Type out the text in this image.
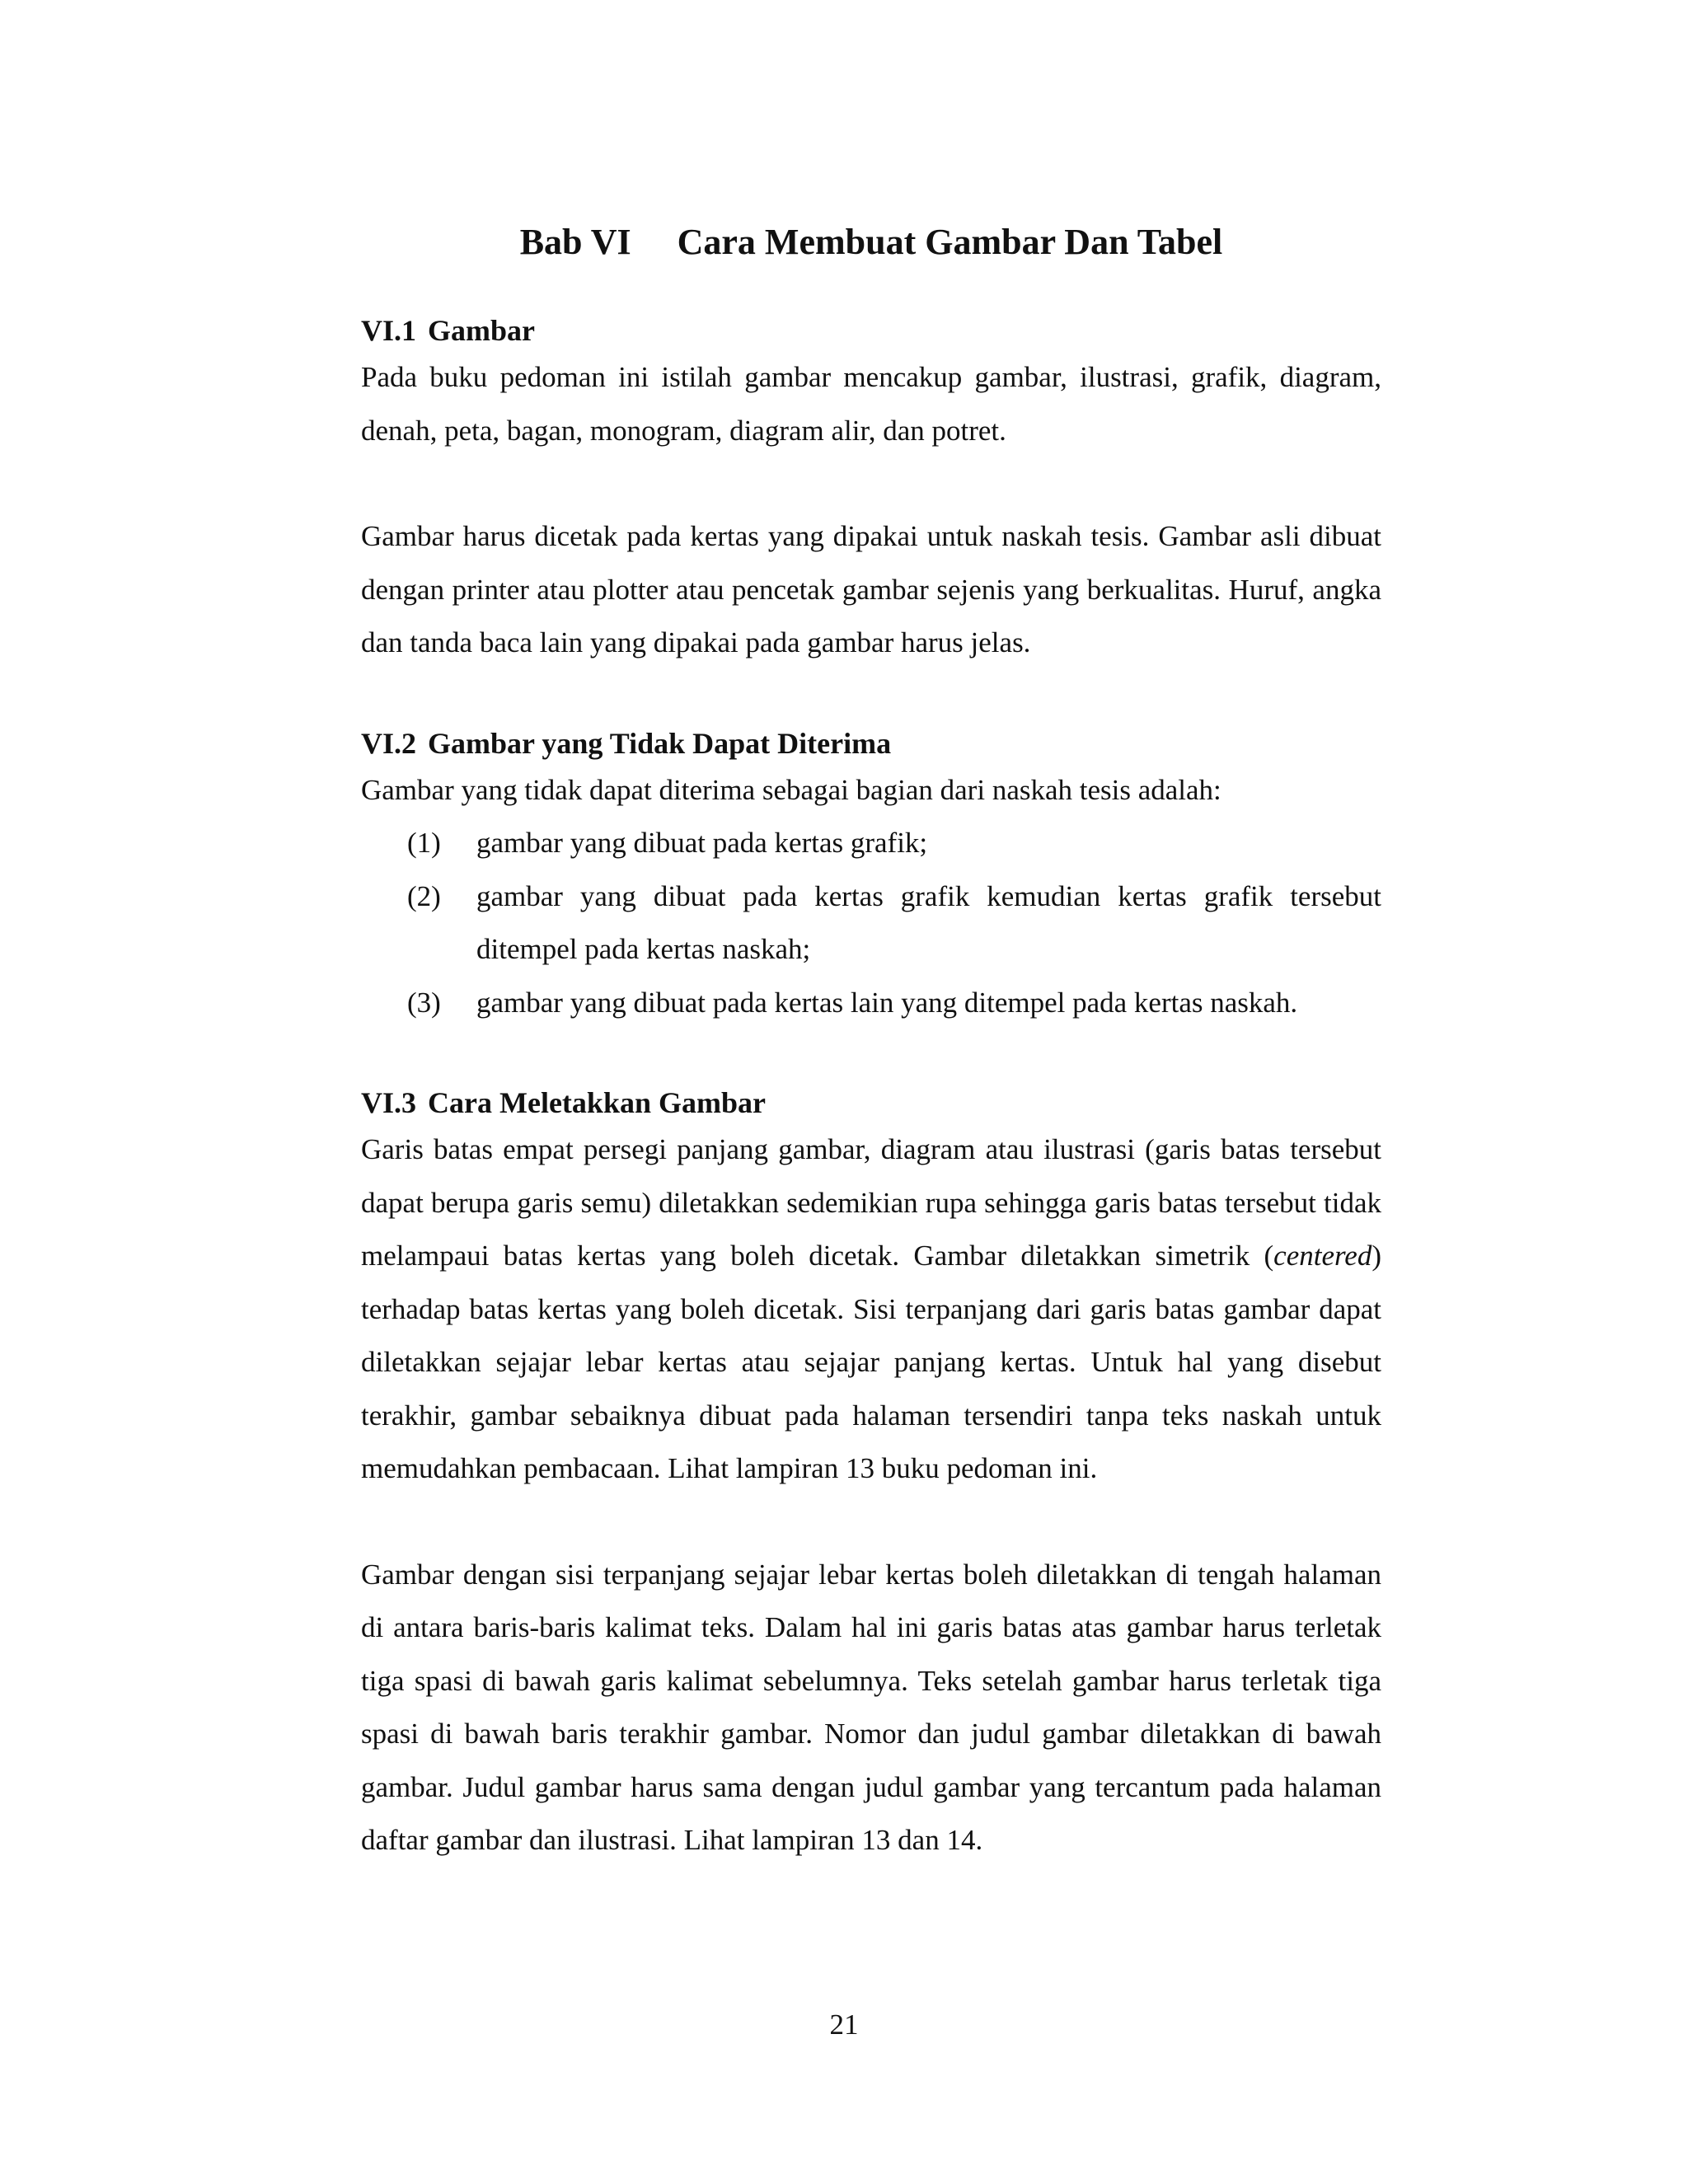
Bab VI Cara Membuat Gambar Dan Tabel
VI.1 Gambar

Pada buku pedoman ini istilah gambar mencakup gambar, ilustrasi, grafik, diagram, denah, peta, bagan, monogram, diagram alir, dan potret.

Gambar harus dicetak pada kertas yang dipakai untuk naskah tesis. Gambar asli dibuat dengan printer atau plotter atau pencetak gambar sejenis yang berkualitas. Huruf, angka dan tanda baca lain yang dipakai pada gambar harus jelas.

VI.2 Gambar yang Tidak Dapat Diterima

Gambar yang tidak dapat diterima sebagai bagian dari naskah tesis adalah:

(1)	gambar yang dibuat pada kertas grafik;
(2)	gambar yang dibuat pada kertas grafik kemudian kertas grafik tersebut ditempel pada kertas naskah;
(3)	gambar yang dibuat pada kertas lain yang ditempel pada kertas naskah.
VI.3 Cara Meletakkan Gambar

Garis batas empat persegi panjang gambar, diagram atau ilustrasi (garis batas tersebut dapat berupa garis semu) diletakkan sedemikian rupa sehingga garis batas tersebut tidak melampaui batas kertas yang boleh dicetak. Gambar diletakkan simetrik (centered) terhadap batas kertas yang boleh dicetak. Sisi terpanjang dari garis batas gambar dapat diletakkan sejajar lebar kertas atau sejajar panjang kertas. Untuk hal yang disebut terakhir, gambar sebaiknya dibuat pada halaman tersendiri tanpa teks naskah untuk memudahkan pembacaan. Lihat lampiran 13 buku pedoman ini.

Gambar dengan sisi terpanjang sejajar lebar kertas boleh diletakkan di tengah halaman di antara baris-baris kalimat teks. Dalam hal ini garis batas atas gambar harus terletak tiga spasi di bawah garis kalimat sebelumnya. Teks setelah gambar harus terletak tiga spasi di bawah baris terakhir gambar. Nomor dan judul gambar diletakkan di bawah gambar. Judul gambar harus sama dengan judul gambar yang tercantum pada halaman daftar gambar dan ilustrasi. Lihat lampiran 13 dan 14.

21
